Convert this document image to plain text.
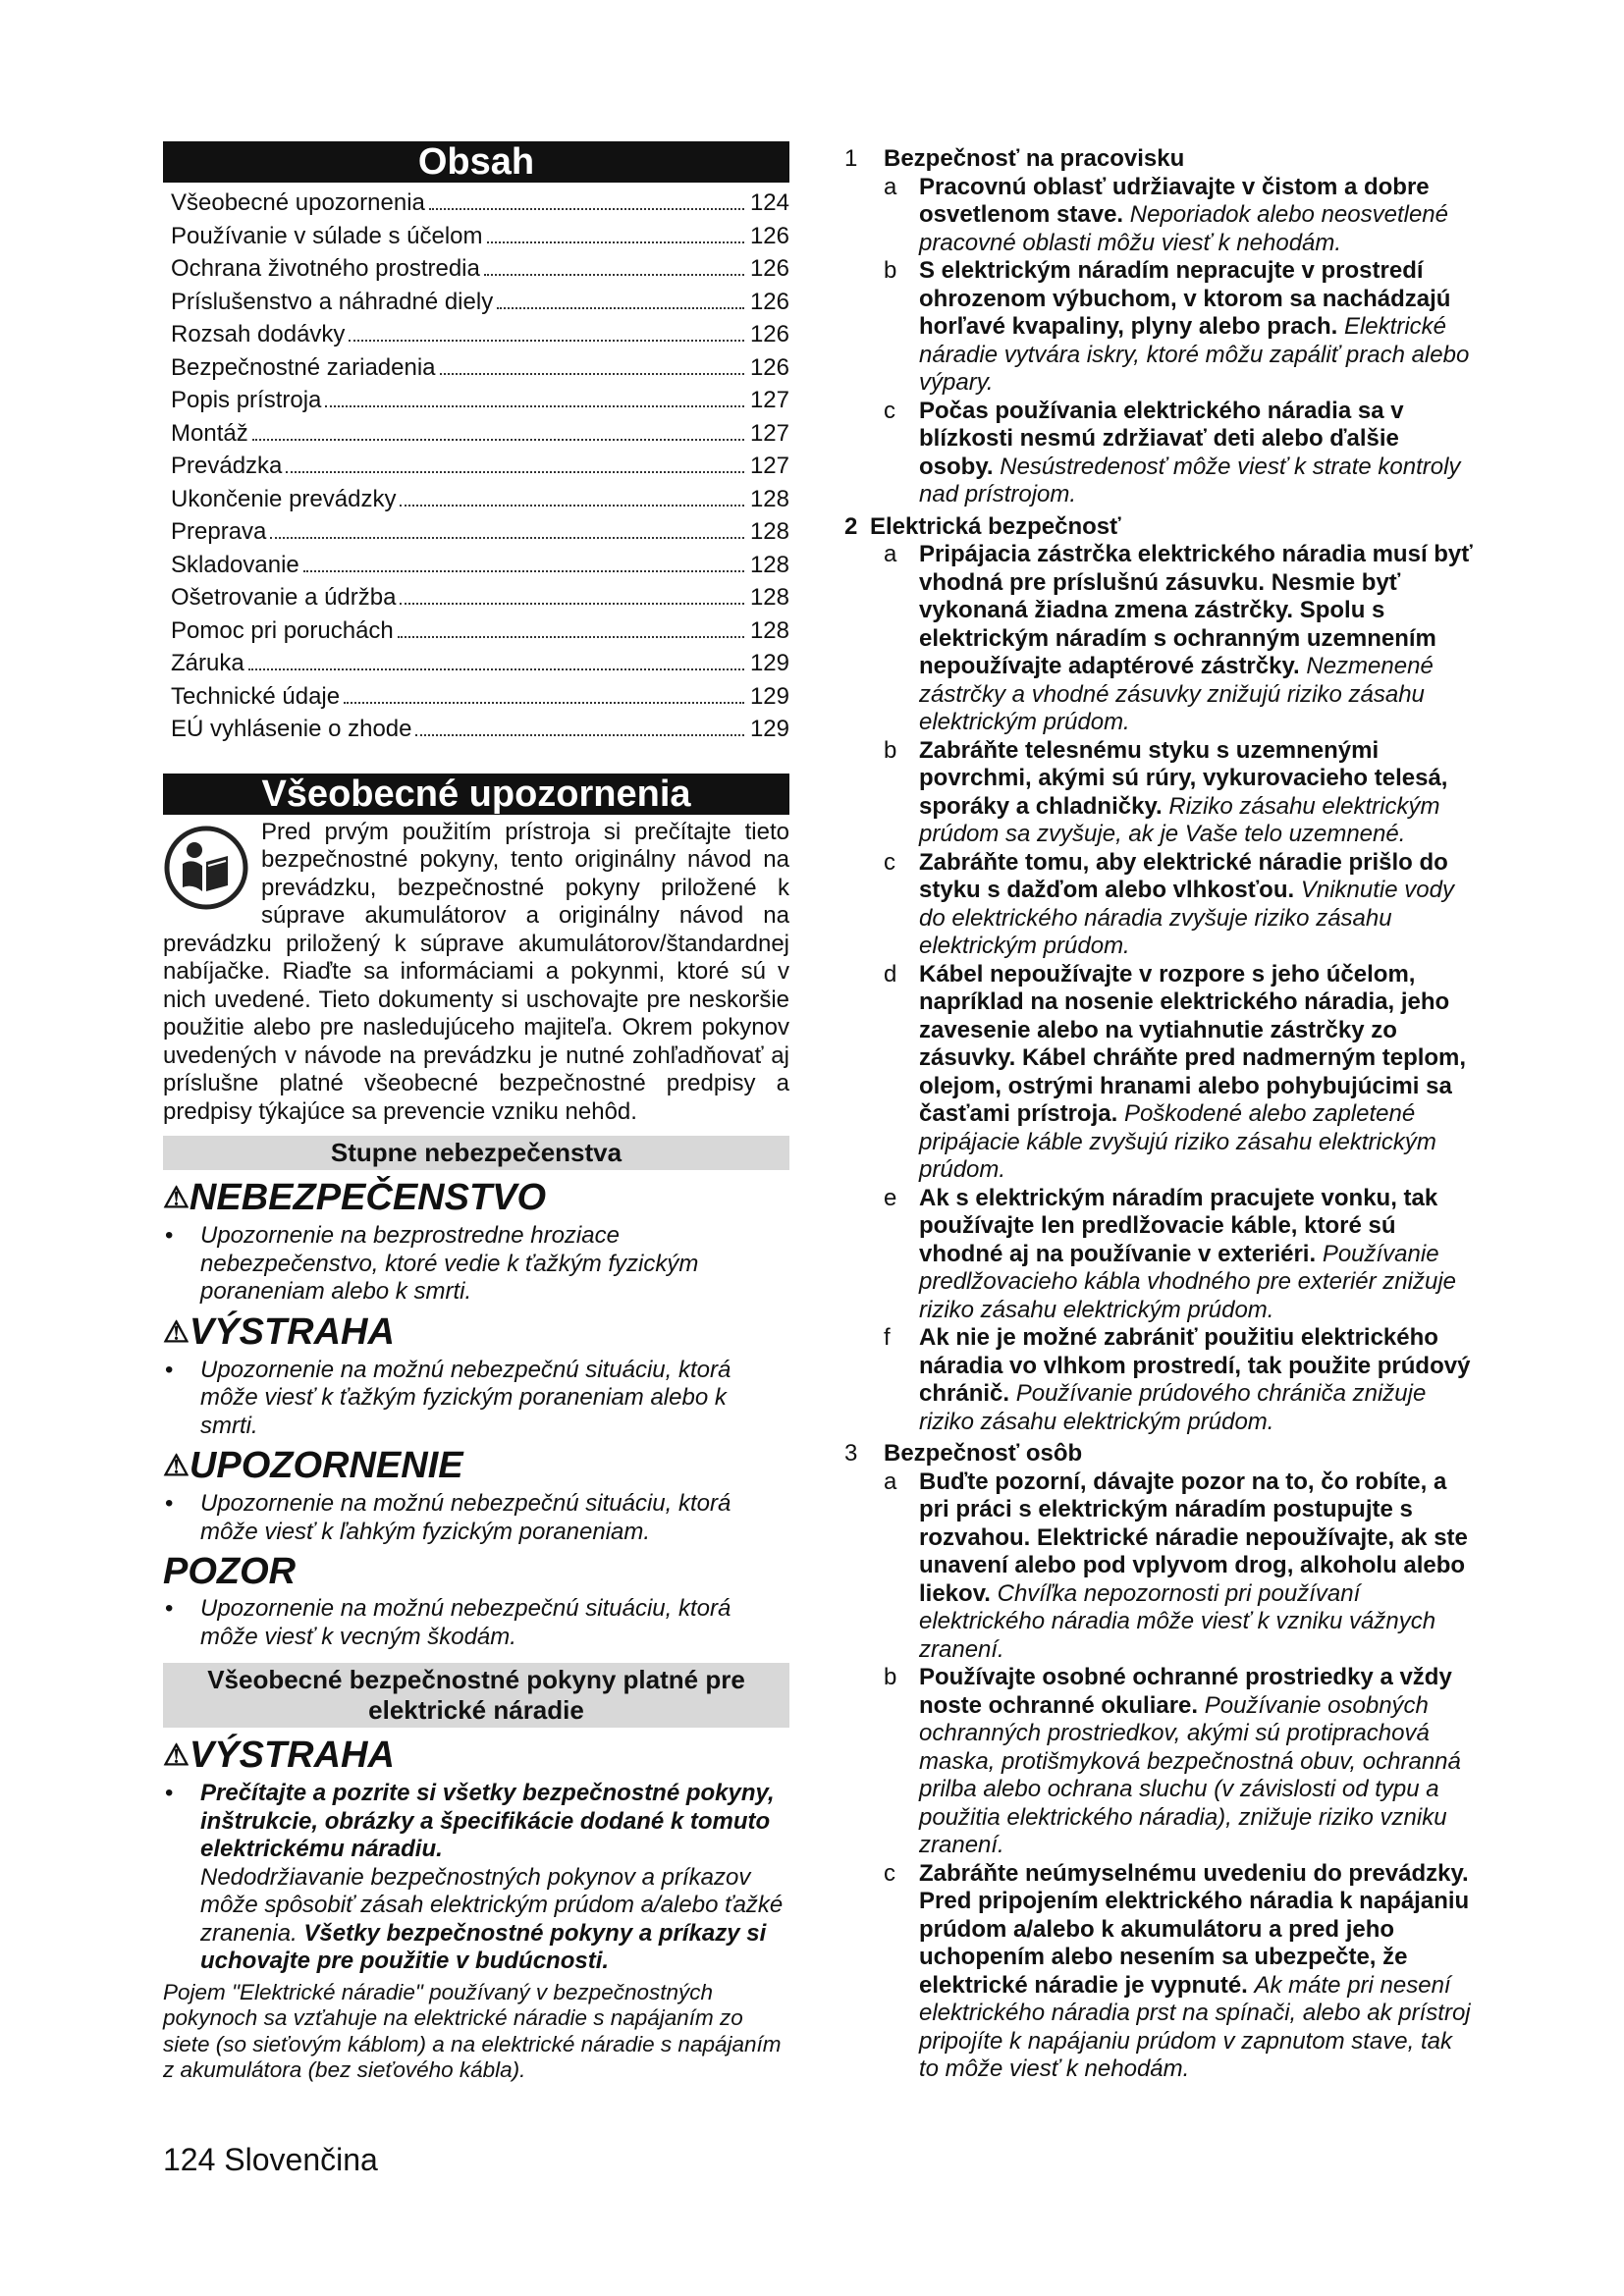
Obsah
Všeobecné upozornenia	124
Používanie v súlade s účelom	126
Ochrana životného prostredia	126
Príslušenstvo a náhradné diely	126
Rozsah dodávky	126
Bezpečnostné zariadenia	126
Popis prístroja	127
Montáž	127
Prevádzka	127
Ukončenie prevádzky	128
Preprava	128
Skladovanie	128
Ošetrovanie a údržba	128
Pomoc pri poruchách	128
Záruka	129
Technické údaje	129
EÚ vyhlásenie o zhode	129
Všeobecné upozornenia
Pred prvým použitím prístroja si prečítajte tieto bezpečnostné pokyny, tento originálny návod na prevádzku, bezpečnostné pokyny priložené k súprave akumulátorov a originálny návod na prevádzku priložený k súprave akumulátorov/štandardnej nabíjačke. Riaďte sa informáciami a pokynmi, ktoré sú v nich uvedené. Tieto dokumenty si uschovajte pre neskoršie použitie alebo pre nasledujúceho majiteľa. Okrem pokynov uvedených v návode na prevádzku je nutné zohľadňovať aj príslušne platné všeobecné bezpečnostné predpisy a predpisy týkajúce sa prevencie vzniku nehôd.
Stupne nebezpečenstva
⚠NEBEZPEČENSTVO
•	Upozornenie na bezprostredne hroziace nebezpečenstvo, ktoré vedie k ťažkým fyzickým poraneniam alebo k smrti.
⚠VÝSTRAHA
•	Upozornenie na možnú nebezpečnú situáciu, ktorá môže viesť k ťažkým fyzickým poraneniam alebo k smrti.
⚠UPOZORNENIE
•	Upozornenie na možnú nebezpečnú situáciu, ktorá môže viesť k ľahkým fyzickým poraneniam.
POZOR
•	Upozornenie na možnú nebezpečnú situáciu, ktorá môže viesť k vecným škodám.
Všeobecné bezpečnostné pokyny platné pre elektrické náradie
⚠VÝSTRAHA
•	Prečítajte a pozrite si všetky bezpečnostné pokyny, inštrukcie, obrázky a špecifikácie dodané k tomuto elektrickému náradiu.
Nedodržiavanie bezpečnostných pokynov a príkazov môže spôsobiť zásah elektrickým prúdom a/alebo ťažké zranenia. Všetky bezpečnostné pokyny a príkazy si uchovajte pre použitie v budúcnosti.
Pojem "Elektrické náradie" používaný v bezpečnostných pokynoch sa vzťahuje na elektrické náradie s napájaním zo siete (so sieťovým káblom) a na elektrické náradie s napájaním z akumulátora (bez sieťového kábla).
1	Bezpečnosť na pracovisku
a Pracovnú oblasť udržiavajte v čistom a dobre osvetlenom stave. Neporiadok alebo neosvetlené pracovné oblasti môžu viesť k nehodám.
b S elektrickým náradím nepracujte v prostredí ohrozenom výbuchom, v ktorom sa nachádzajú horľavé kvapaliny, plyny alebo prach. Elektrické náradie vytvára iskry, ktoré môžu zapáliť prach alebo výpary.
c	Počas používania elektrického náradia sa v blízkosti nesmú zdržiavať deti alebo ďalšie osoby. Nesústredenosť môže viesť k strate kontroly nad prístrojom.
2 Elektrická bezpečnosť
a Pripájacia zástrčka elektrického náradia musí byť vhodná pre príslušnú zásuvku. Nesmie byť vykonaná žiadna zmena zástrčky. Spolu s elektrickým náradím s ochranným uzemnením nepoužívajte adaptérové zástrčky. Nezmenené zástrčky a vhodné zásuvky znižujú riziko zásahu elektrickým prúdom.
b Zabráňte telesnému styku s uzemnenými povrchmi, akými sú rúry, vykurovacieho telesá, sporáky a chladničky. Riziko zásahu elektrickým prúdom sa zvyšuje, ak je Vaše telo uzemnené.
c	Zabráňte tomu, aby elektrické náradie prišlo do styku s dažďom alebo vlhkosťou. Vniknutie vody do elektrického náradia zvyšuje riziko zásahu elektrickým prúdom.
d Kábel nepoužívajte v rozpore s jeho účelom, napríklad na nosenie elektrického náradia, jeho zavesenie alebo na vytiahnutie zástrčky zo zásuvky. Kábel chráňte pred nadmerným teplom, olejom, ostrými hranami alebo pohybujúcimi sa časťami prístroja. Poškodené alebo zapletené pripájacie káble zvyšujú riziko zásahu elektrickým prúdom.
e Ak s elektrickým náradím pracujete vonku, tak používajte len predlžovacie káble, ktoré sú vhodné aj na používanie v exteriéri. Používanie predlžovacieho kábla vhodného pre exteriér znižuje riziko zásahu elektrickým prúdom.
f	Ak nie je možné zabrániť použitiu elektrického náradia vo vlhkom prostredí, tak použite prúdový chránič. Používanie prúdového chrániča znižuje riziko zásahu elektrickým prúdom.
3	Bezpečnosť osôb
a Buďte pozorní, dávajte pozor na to, čo robíte, a pri práci s elektrickým náradím postupujte s rozvahou. Elektrické náradie nepoužívajte, ak ste unavení alebo pod vplyvom drog, alkoholu alebo liekov. Chvíľka nepozornosti pri používaní elektrického náradia môže viesť k vzniku vážnych zranení.
b Používajte osobné ochranné prostriedky a vždy noste ochranné okuliare. Používanie osobných ochranných prostriedkov, akými sú protiprachová maska, protišmyková bezpečnostná obuv, ochranná prilba alebo ochrana sluchu (v závislosti od typu a použitia elektrického náradia), znižuje riziko vzniku zranení.
c	Zabráňte neúmyselnému uvedeniu do prevádzky. Pred pripojením elektrického náradia k napájaniu prúdom a/alebo k akumulátoru a pred jeho uchopením alebo nesením sa ubezpečte, že elektrické náradie je vypnuté. Ak máte pri nesení elektrického náradia prst na spínači, alebo ak prístroj pripojíte k napájaniu prúdom v zapnutom stave, tak to môže viesť k nehodám.
124 Slovenčina
